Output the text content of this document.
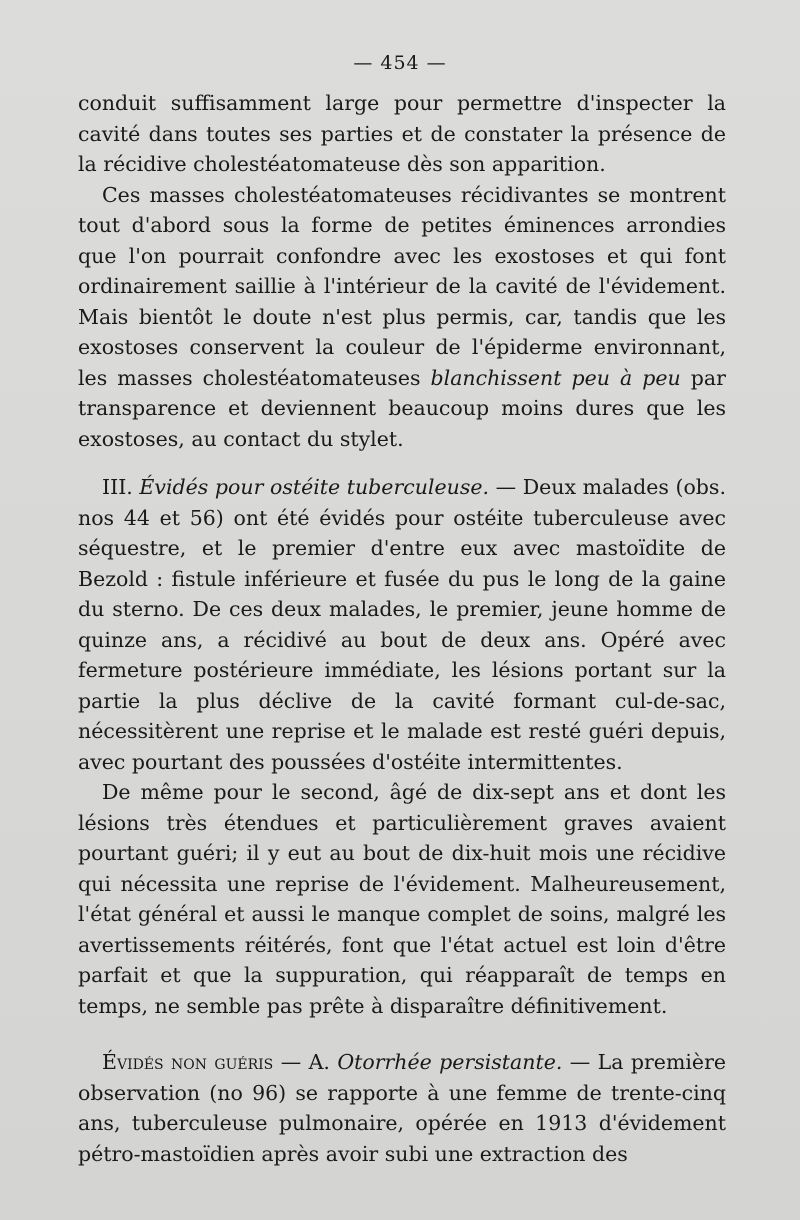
— 454 —

conduit suffisamment large pour permettre d'inspecter la cavité dans toutes ses parties et de constater la présence de la récidive cholestéatomateuse dès son apparition.

Ces masses cholestéatomateuses récidivantes se montrent tout d'abord sous la forme de petites éminences arrondies que l'on pourrait confondre avec les exostoses et qui font ordinairement saillie à l'intérieur de la cavité de l'évidement. Mais bientôt le doute n'est plus permis, car, tandis que les exostoses conservent la couleur de l'épiderme environnant, les masses cholestéatomateuses blanchissent peu à peu par transparence et deviennent beaucoup moins dures que les exostoses, au contact du stylet.

III. Évidés pour ostéite tuberculeuse. — Deux malades (obs. nos 44 et 56) ont été évidés pour ostéite tuberculeuse avec séquestre, et le premier d'entre eux avec mastoïdite de Bezold : fistule inférieure et fusée du pus le long de la gaine du sterno. De ces deux malades, le premier, jeune homme de quinze ans, a récidivé au bout de deux ans. Opéré avec fermeture postérieure immédiate, les lésions portant sur la partie la plus déclive de la cavité formant cul-de-sac, nécessitèrent une reprise et le malade est resté guéri depuis, avec pourtant des poussées d'ostéite intermittentes.

De même pour le second, âgé de dix-sept ans et dont les lésions très étendues et particulièrement graves avaient pourtant guéri; il y eut au bout de dix-huit mois une récidive qui nécessita une reprise de l'évidement. Malheureusement, l'état général et aussi le manque complet de soins, malgré les avertissements réitérés, font que l'état actuel est loin d'être parfait et que la suppuration, qui réapparaît de temps en temps, ne semble pas prête à disparaître définitivement.

Évidés non guéris — A. Otorrhée persistante. — La première observation (no 96) se rapporte à une femme de trente-cinq ans, tuberculeuse pulmonaire, opérée en 1913 d'évidement pétro-mastoïdien après avoir subi une extraction des
